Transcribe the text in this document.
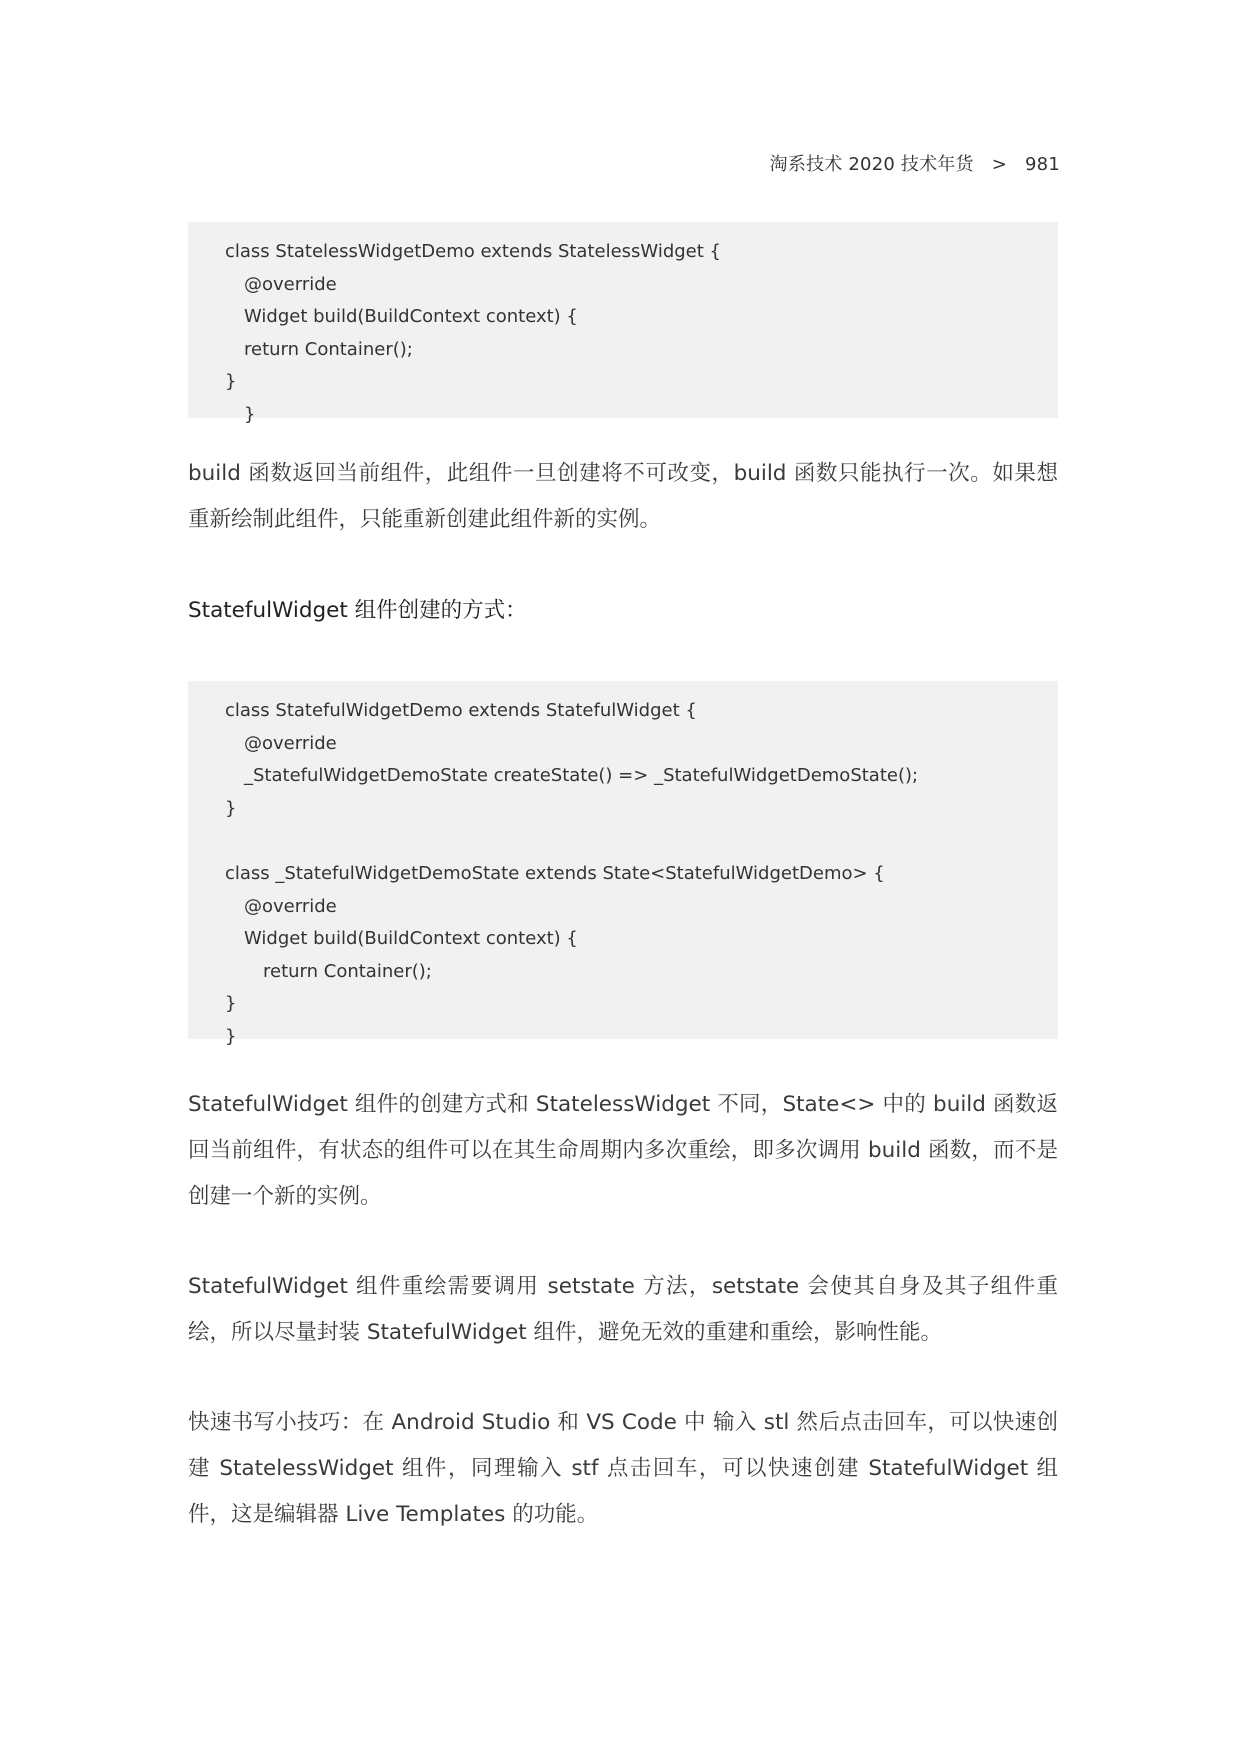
淘系技术 2020 技术年货 > 981
class StatelessWidgetDemo extends StatelessWidget {
@override
Widget build(BuildContext context) {
return Container();
}
}

build 函数返回当前组件，此组件一旦创建将不可改变，build 函数只能执行一次。如果想重新绘制此组件，只能重新创建此组件新的实例。

StatefulWidget 组件创建的方式：
class StatefulWidgetDemo extends StatefulWidget {
@override
_StatefulWidgetDemoState createState() => _StatefulWidgetDemoState();
}
class _StatefulWidgetDemoState extends State<StatefulWidgetDemo> {
@override
Widget build(BuildContext context) {
return Container();
}
}

StatefulWidget 组件的创建方式和 StatelessWidget 不同，State<> 中的 build 函数返回当前组件，有状态的组件可以在其生命周期内多次重绘，即多次调用 build 函数，而不是创建一个新的实例。

StatefulWidget 组件重绘需要调用 setstate 方法，setstate 会使其自身及其子组件重绘，所以尽量封装 StatefulWidget 组件，避免无效的重建和重绘，影响性能。

快速书写小技巧：在 Android Studio 和 VS Code 中 输入 stl 然后点击回车，可以快速创建 StatelessWidget 组件，同理输入 stf 点击回车，可以快速创建 StatefulWidget 组件，这是编辑器 Live Templates 的功能。
